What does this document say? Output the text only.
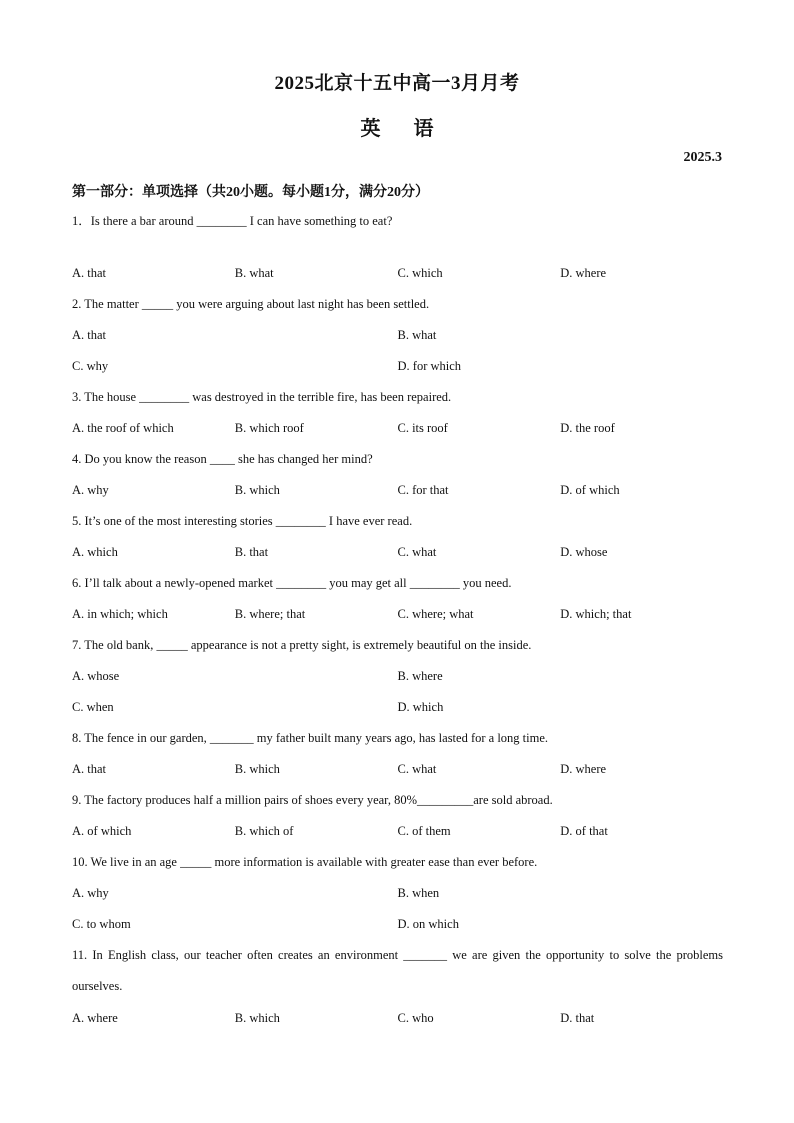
2025北京十五中高一3月月考
英 语
2025.3
第一部分：单项选择（共20小题。每小题1分，满分20分）
1．Is there a bar around ________ I can have something to eat?
A. that	B. what	C. which	D. where
2. The matter _____ you were arguing about last night has been settled.
A. that	B. what
C. why	D. for which
3. The house ________ was destroyed in the terrible fire, has been repaired.
A. the roof of which	B. which roof	C. its roof	D. the roof
4. Do you know the reason ____ she has changed her mind?
A. why	B. which	C. for that	D. of which
5. It’s one of the most interesting stories ________ I have ever read.
A. which	B. that	C. what	D. whose
6. I’ll talk about a newly-opened market ________ you may get all ________ you need.
A. in which; which	B. where; that	C. where; what	D. which; that
7. The old bank, _____ appearance is not a pretty sight, is extremely beautiful on the inside.
A. whose	B. where
C. when	D. which
8. The fence in our garden, _______ my father built many years ago, has lasted for a long time.
A. that	B. which	C. what	D. where
9. The factory produces half a million pairs of shoes every year, 80%_________are sold abroad.
A. of which	B. which of	C. of them	D. of that
10. We live in an age _____ more information is available with greater ease than ever before.
A. why	B. when
C. to whom	D. on which
11. In English class, our teacher often creates an environment _______ we are given the opportunity to solve the problems ourselves.
A. where	B. which	C. who	D. that
